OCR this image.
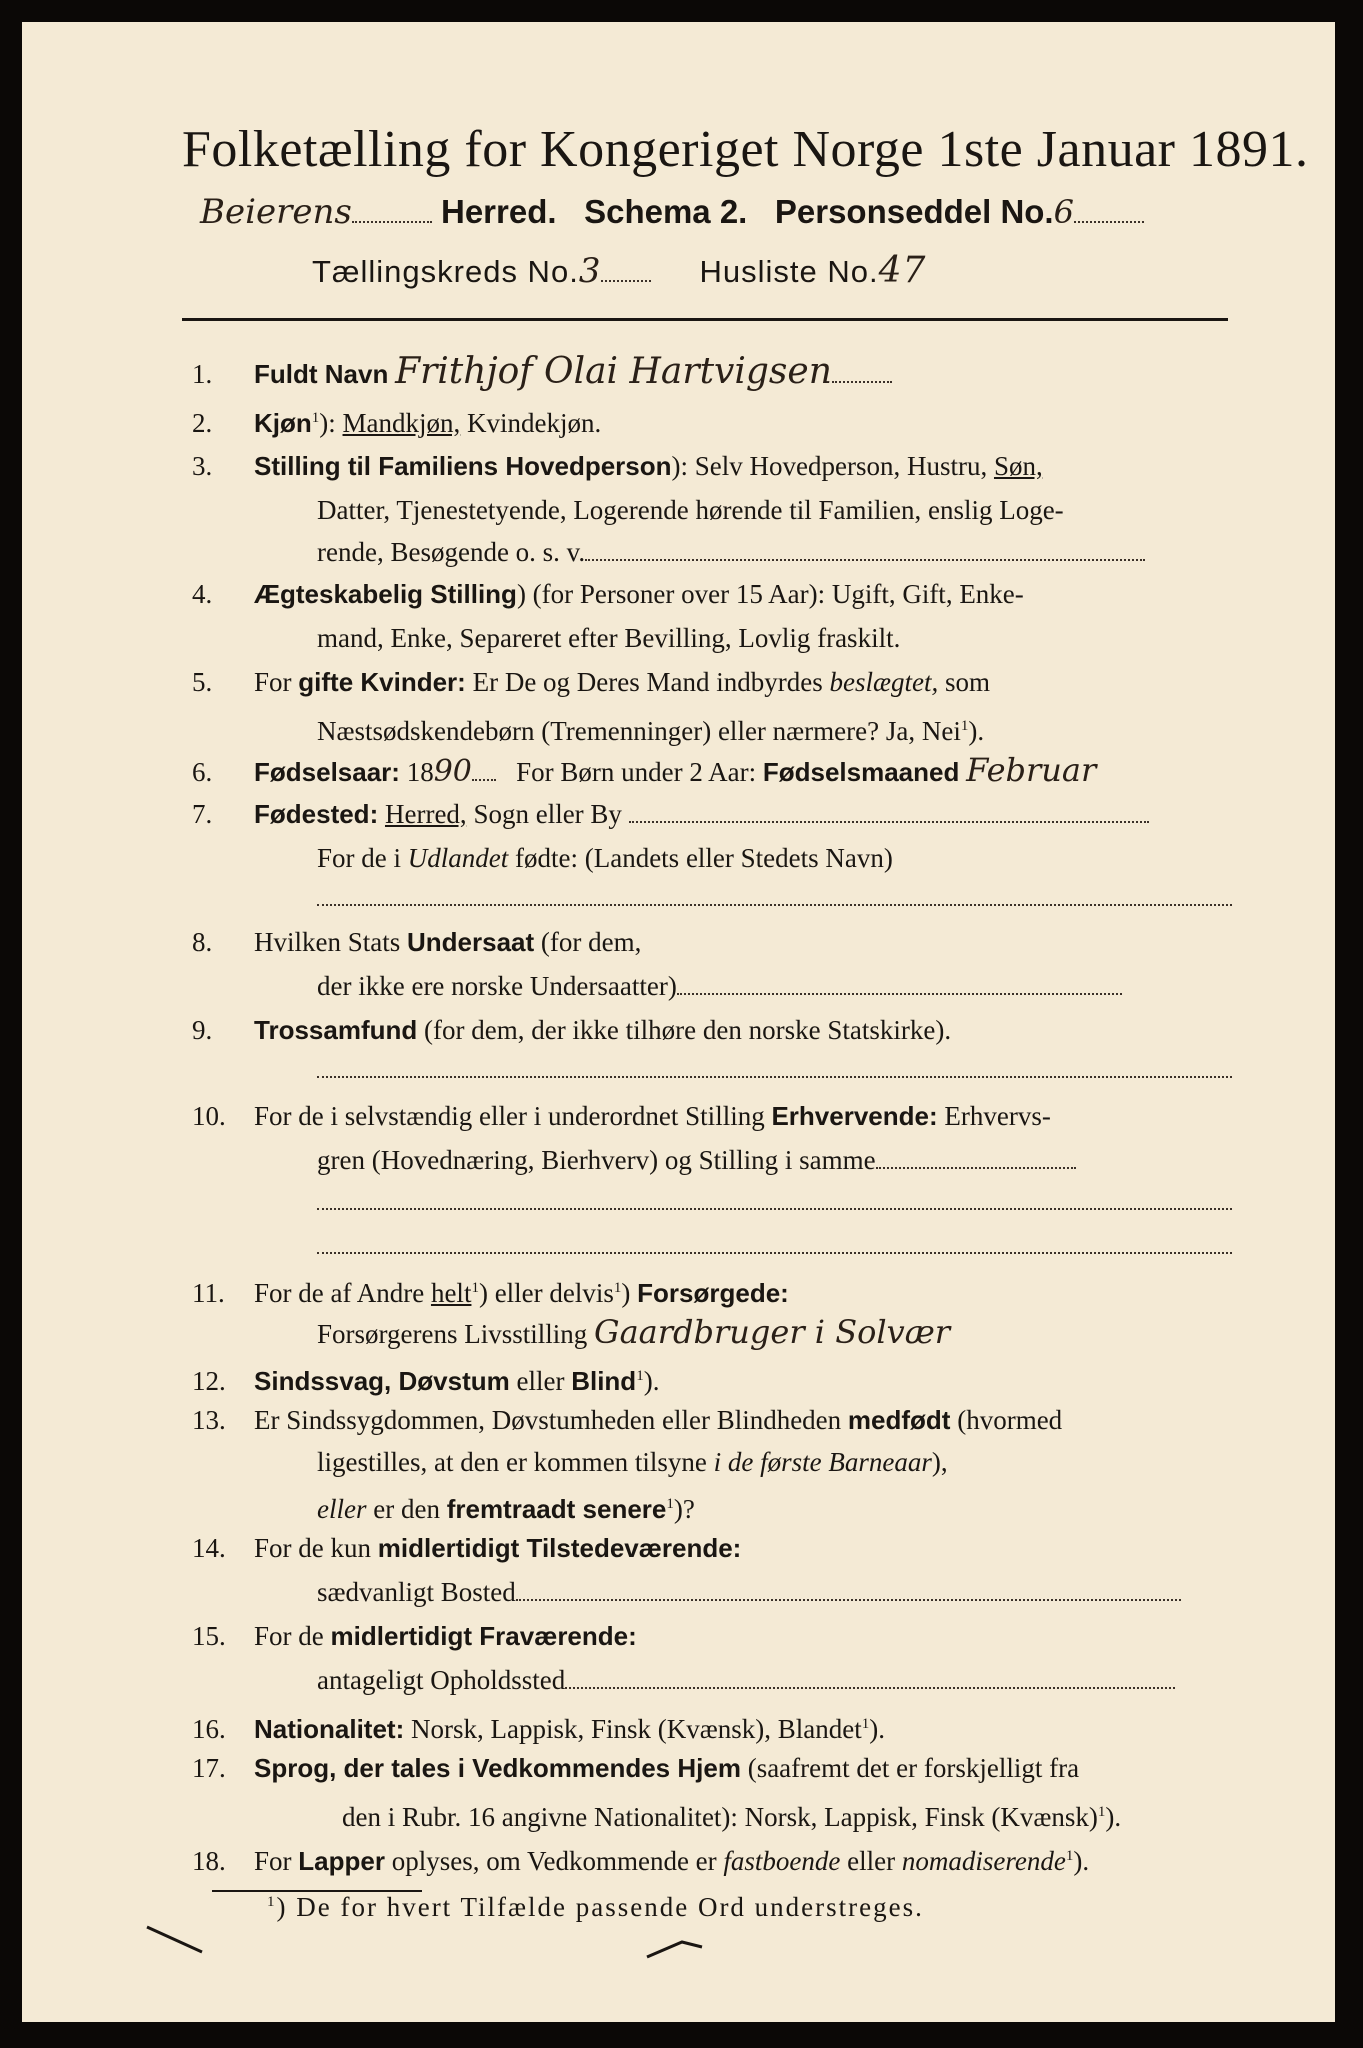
Folketælling for Kongeriget Norge 1ste Januar 1891.
Beierens	Herred. Schema 2. Personseddel No.6
Tællingskreds No.3	Husliste No.47
1. Fuldt Navn Frithjof Olai Hartvigsen
2. Kjøn$^1$): Mandkjøn, Kvindekjøn.
3. Stilling til Familiens Hovedperson): Selv Hovedperson, Hustru, Søn,
Datter, Tjenestetyende, Logerende hørende til Familien, enslig Loge-
rende, Besøgende o. s. v.
4. Ægteskabelig Stilling) (for Personer over 15 Aar): Ugift, Gift, Enke-
mand, Enke, Separeret efter Bevilling, Lovlig fraskilt.
5. For gifte Kvinder: Er De og Deres Mand indbyrdes beslægtet, som
Næstsødskendebørn (Tremenninger) eller nærmere? Ja, Nei$^1$).
6. Fødselsaar: 1890 For Børn under 2 Aar: Fødselsmaaned Februar
7. Fødested: Herred, Sogn eller By
For de i Udlandet fødte: (Landets eller Stedets Navn)
8. Hvilken Stats Undersaat (for dem,
der ikke ere norske Undersaatter)
9. Trossamfund (for dem, der ikke tilhøre den norske Statskirke).
10. For de i selvstændig eller i underordnet Stilling Erhvervende: Erhvervs-
gren (Hovednæring, Bierhverv) og Stilling i samme
11. For de af Andre helt$^1$) eller delvis$^1$) Forsørgede:
Forsørgerens Livsstilling Gaardbruger i Solvær
12. Sindssvag, Døvstum eller Blind$^1$).
13. Er Sindssygdommen, Døvstumheden eller Blindheden medfødt (hvormed
ligestilles, at den er kommen tilsyne i de første Barneaar),
eller er den fremtraadt senere$^1$)?
14. For de kun midlertidigt Tilstedeværende:
sædvanligt Bosted
15. For de midlertidigt Fraværende:
antageligt Opholdssted
16. Nationalitet: Norsk, Lappisk, Finsk (Kvænsk), Blandet$^1$).
17. Sprog, der tales i Vedkommendes Hjem (saafremt det er forskjelligt fra
den i Rubr. 16 angivne Nationalitet): Norsk, Lappisk, Finsk (Kvænsk)$^1$).
18. For Lapper oplyses, om Vedkommende er fastboende eller nomadiserende$^1$).
$^1$) De for hvert Tilfælde passende Ord understreges.
